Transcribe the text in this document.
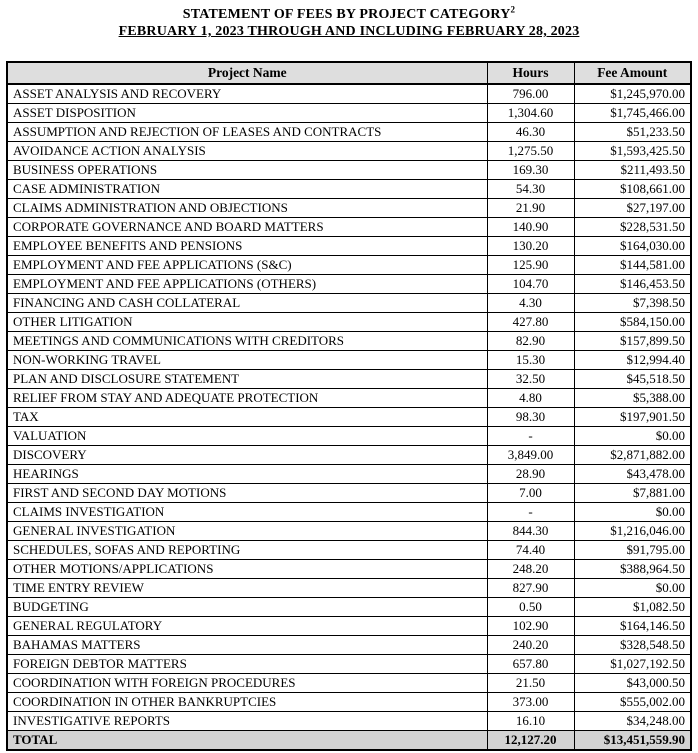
STATEMENT OF FEES BY PROJECT CATEGORY$^2$
FEBRUARY 1, 2023 THROUGH AND INCLUDING FEBRUARY 28, 2023
Project Name	Hours	Fee Amount
ASSET ANALYSIS AND RECOVERY	796.00	$1,245,970.00
ASSET DISPOSITION	1,304.60	$1,745,466.00
ASSUMPTION AND REJECTION OF LEASES AND CONTRACTS	46.30	$51,233.50
AVOIDANCE ACTION ANALYSIS	1,275.50	$1,593,425.50
BUSINESS OPERATIONS	169.30	$211,493.50
CASE ADMINISTRATION	54.30	$108,661.00
CLAIMS ADMINISTRATION AND OBJECTIONS	21.90	$27,197.00
CORPORATE GOVERNANCE AND BOARD MATTERS	140.90	$228,531.50
EMPLOYEE BENEFITS AND PENSIONS	130.20	$164,030.00
EMPLOYMENT AND FEE APPLICATIONS (S&C)	125.90	$144,581.00
EMPLOYMENT AND FEE APPLICATIONS (OTHERS)	104.70	$146,453.50
FINANCING AND CASH COLLATERAL	4.30	$7,398.50
OTHER LITIGATION	427.80	$584,150.00
MEETINGS AND COMMUNICATIONS WITH CREDITORS	82.90	$157,899.50
NON-WORKING TRAVEL	15.30	$12,994.40
PLAN AND DISCLOSURE STATEMENT	32.50	$45,518.50
RELIEF FROM STAY AND ADEQUATE PROTECTION	4.80	$5,388.00
TAX	98.30	$197,901.50
VALUATION	-	$0.00
DISCOVERY	3,849.00	$2,871,882.00
HEARINGS	28.90	$43,478.00
FIRST AND SECOND DAY MOTIONS	7.00	$7,881.00
CLAIMS INVESTIGATION	-	$0.00
GENERAL INVESTIGATION	844.30	$1,216,046.00
SCHEDULES, SOFAS AND REPORTING	74.40	$91,795.00
OTHER MOTIONS/APPLICATIONS	248.20	$388,964.50
TIME ENTRY REVIEW	827.90	$0.00
BUDGETING	0.50	$1,082.50
GENERAL REGULATORY	102.90	$164,146.50
BAHAMAS MATTERS	240.20	$328,548.50
FOREIGN DEBTOR MATTERS	657.80	$1,027,192.50
COORDINATION WITH FOREIGN PROCEDURES	21.50	$43,000.50
COORDINATION IN OTHER BANKRUPTCIES	373.00	$555,002.00
INVESTIGATIVE REPORTS	16.10	$34,248.00
TOTAL	12,127.20	$13,451,559.90
